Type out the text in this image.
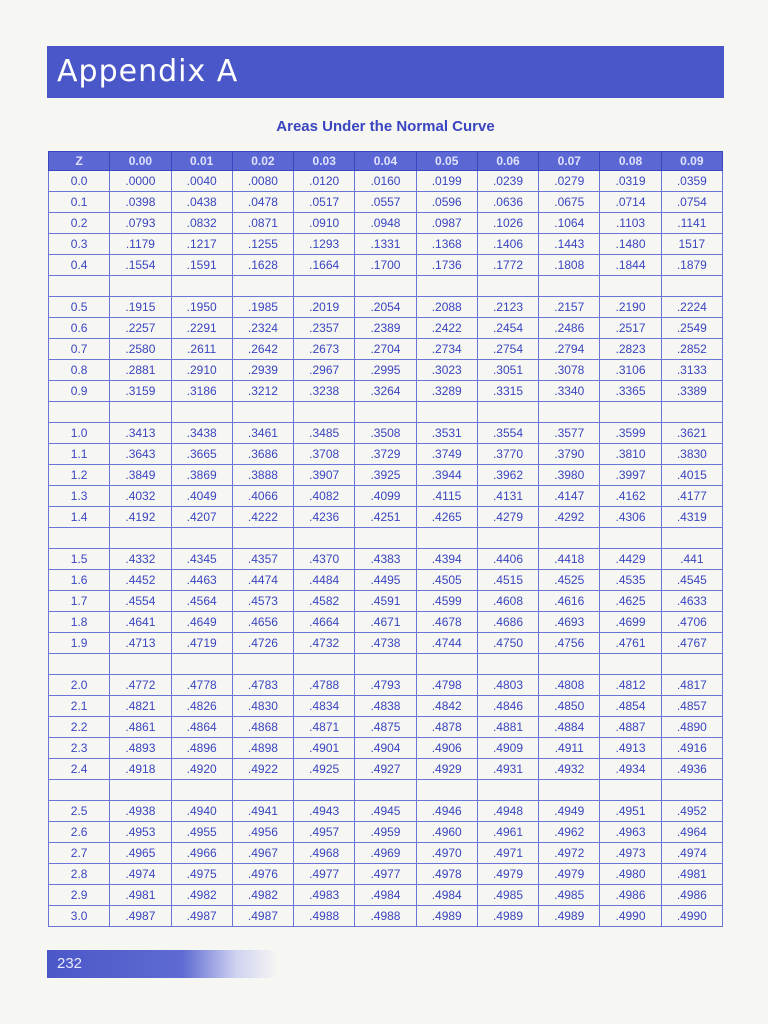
Appendix A
Areas Under the Normal Curve
Z	0.00	0.01	0.02	0.03	0.04	0.05	0.06	0.07	0.08	0.09
0.0	.0000	.0040	.0080	.0120	.0160	.0199	.0239	.0279	.0319	.0359
0.1	.0398	.0438	.0478	.0517	.0557	.0596	.0636	.0675	.0714	.0754
0.2	.0793	.0832	.0871	.0910	.0948	.0987	.1026	.1064	.1103	.1141
0.3	.1179	.1217	.1255	.1293	.1331	.1368	.1406	.1443	.1480	1517
0.4	.1554	.1591	.1628	.1664	.1700	.1736	.1772	.1808	.1844	.1879

0.5	.1915	.1950	.1985	.2019	.2054	.2088	.2123	.2157	.2190	.2224
0.6	.2257	.2291	.2324	.2357	.2389	.2422	.2454	.2486	.2517	.2549
0.7	.2580	.2611	.2642	.2673	.2704	.2734	.2754	.2794	.2823	.2852
0.8	.2881	.2910	.2939	.2967	.2995	.3023	.3051	.3078	.3106	.3133
0.9	.3159	.3186	.3212	.3238	.3264	.3289	.3315	.3340	.3365	.3389

1.0	.3413	.3438	.3461	.3485	.3508	.3531	.3554	.3577	.3599	.3621
1.1	.3643	.3665	.3686	.3708	.3729	.3749	.3770	.3790	.3810	.3830
1.2	.3849	.3869	.3888	.3907	.3925	.3944	.3962	.3980	.3997	.4015
1.3	.4032	.4049	.4066	.4082	.4099	.4115	.4131	.4147	.4162	.4177
1.4	.4192	.4207	.4222	.4236	.4251	.4265	.4279	.4292	.4306	.4319

1.5	.4332	.4345	.4357	.4370	.4383	.4394	.4406	.4418	.4429	.441
1.6	.4452	.4463	.4474	.4484	.4495	.4505	.4515	.4525	.4535	.4545
1.7	.4554	.4564	.4573	.4582	.4591	.4599	.4608	.4616	.4625	.4633
1.8	.4641	.4649	.4656	.4664	.4671	.4678	.4686	.4693	.4699	.4706
1.9	.4713	.4719	.4726	.4732	.4738	.4744	.4750	.4756	.4761	.4767

2.0	.4772	.4778	.4783	.4788	.4793	.4798	.4803	.4808	.4812	.4817
2.1	.4821	.4826	.4830	.4834	.4838	.4842	.4846	.4850	.4854	.4857
2.2	.4861	.4864	.4868	.4871	.4875	.4878	.4881	.4884	.4887	.4890
2.3	.4893	.4896	.4898	.4901	.4904	.4906	.4909	.4911	.4913	.4916
2.4	.4918	.4920	.4922	.4925	.4927	.4929	.4931	.4932	.4934	.4936

2.5	.4938	.4940	.4941	.4943	.4945	.4946	.4948	.4949	.4951	.4952
2.6	.4953	.4955	.4956	.4957	.4959	.4960	.4961	.4962	.4963	.4964
2.7	.4965	.4966	.4967	.4968	.4969	.4970	.4971	.4972	.4973	.4974
2.8	.4974	.4975	.4976	.4977	.4977	.4978	.4979	.4979	.4980	.4981
2.9	.4981	.4982	.4982	.4983	.4984	.4984	.4985	.4985	.4986	.4986
3.0	.4987	.4987	.4987	.4988	.4988	.4989	.4989	.4989	.4990	.4990
232
